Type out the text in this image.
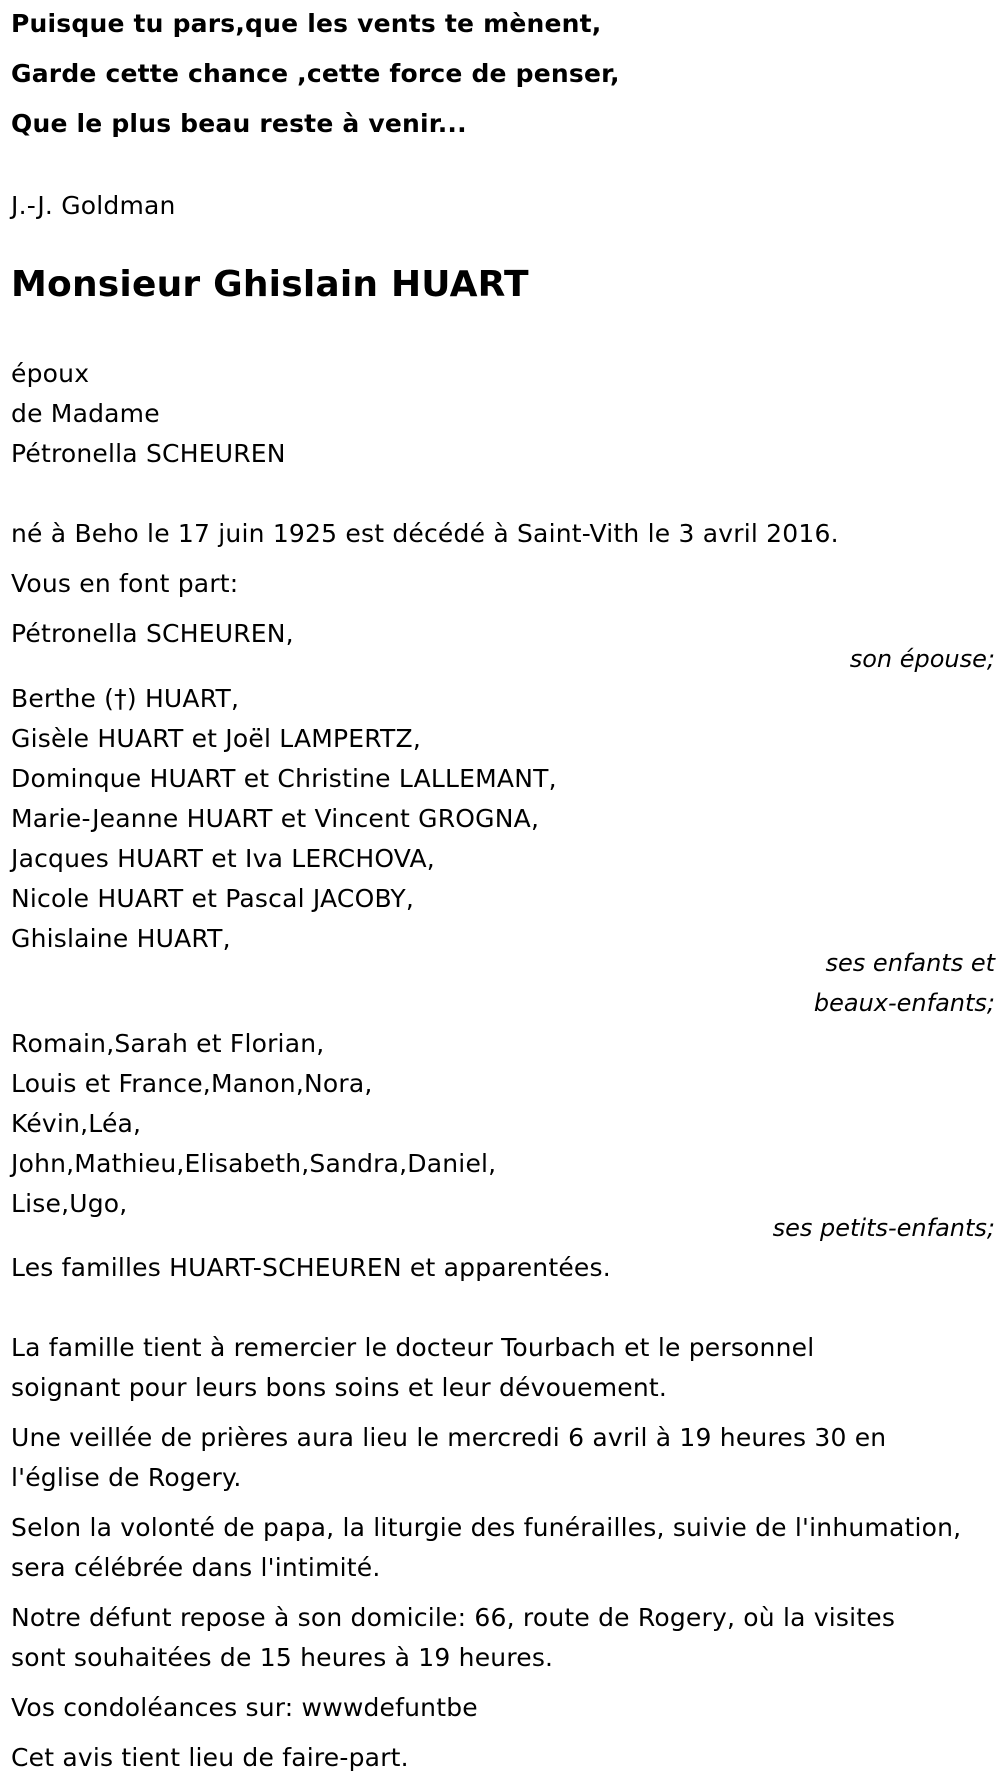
Puisque tu pars,que les vents te mènent,
Garde cette chance ,cette force de penser,
Que le plus beau reste à venir...
J.-J. Goldman
Monsieur Ghislain HUART
époux
de Madame
Pétronella SCHEUREN
né à Beho le 17 juin 1925 est décédé à Saint-Vith le 3 avril 2016.
Vous en font part:
Pétronella SCHEUREN,
son épouse;
Berthe (†) HUART,
Gisèle HUART et Joël LAMPERTZ,
Dominque HUART et Christine LALLEMANT,
Marie-Jeanne HUART et Vincent GROGNA,
Jacques HUART et Iva LERCHOVA,
Nicole HUART et Pascal JACOBY,
Ghislaine HUART,
ses enfants et
beaux-enfants;
Romain,Sarah et Florian,
Louis et France,Manon,Nora,
Kévin,Léa,
John,Mathieu,Elisabeth,Sandra,Daniel,
Lise,Ugo,
ses petits-enfants;
Les familles HUART-SCHEUREN et apparentées.
La famille tient à remercier le docteur Tourbach et le personnel
soignant pour leurs bons soins et leur dévouement.
Une veillée de prières aura lieu le mercredi 6 avril à 19 heures 30 en
l'église de Rogery.
Selon la volonté de papa, la liturgie des funérailles, suivie de l'inhumation,
sera célébrée dans l'intimité.
Notre défunt repose à son domicile: 66, route de Rogery, où la visites
sont souhaitées de 15 heures à 19 heures.
Vos condoléances sur: wwwdefuntbe
Cet avis tient lieu de faire-part.
